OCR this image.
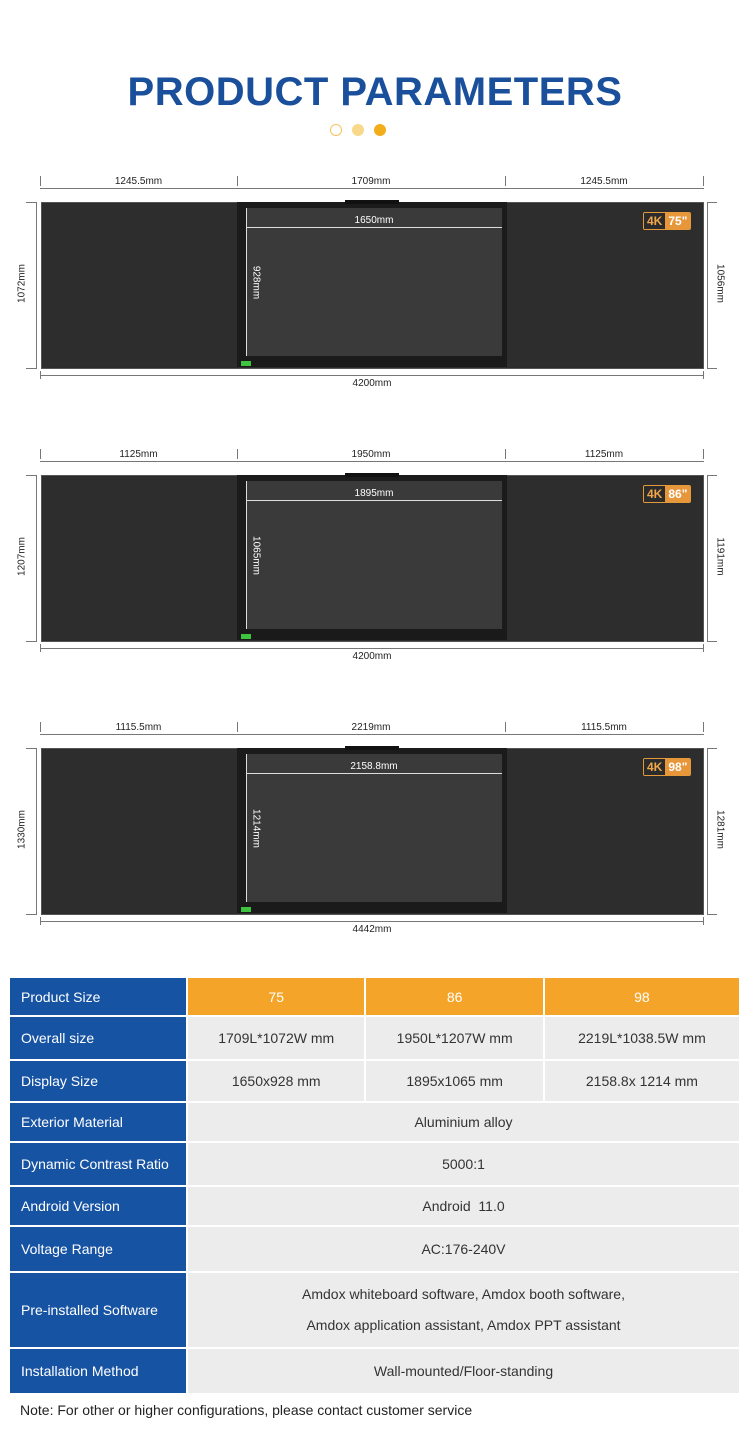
PRODUCT PARAMETERS
1245.5mm	1709mm	1245.5mm
1650mm
928mm
4K 75"
1072mm	1056mm
4200mm
1125mm	1950mm	1125mm
1895mm
1065mm
4K 86"
1207mm	1191mm
4200mm
1115.5mm	2219mm	1115.5mm
2158.8mm
1214mm
4K 98"
1330mm	1281mm
4442mm
Product Size	75	86	98
Overall size	1709L*1072W mm	1950L*1207W mm	2219L*1038.5W mm
Display Size	1650x928 mm	1895x1065 mm	2158.8x 1214 mm
Exterior Material	Aluminium alloy		
Dynamic Contrast Ratio	5000:1		
Android Version	Android  11.0		
Voltage Range	AC:176-240V		
Pre-installed Software	Amdox whiteboard software, Amdox booth software,
Amdox application assistant, Amdox PPT assistant		

Installation Method	Wall-mounted/Floor-standing		
Note: For other or higher configurations, please contact customer service
